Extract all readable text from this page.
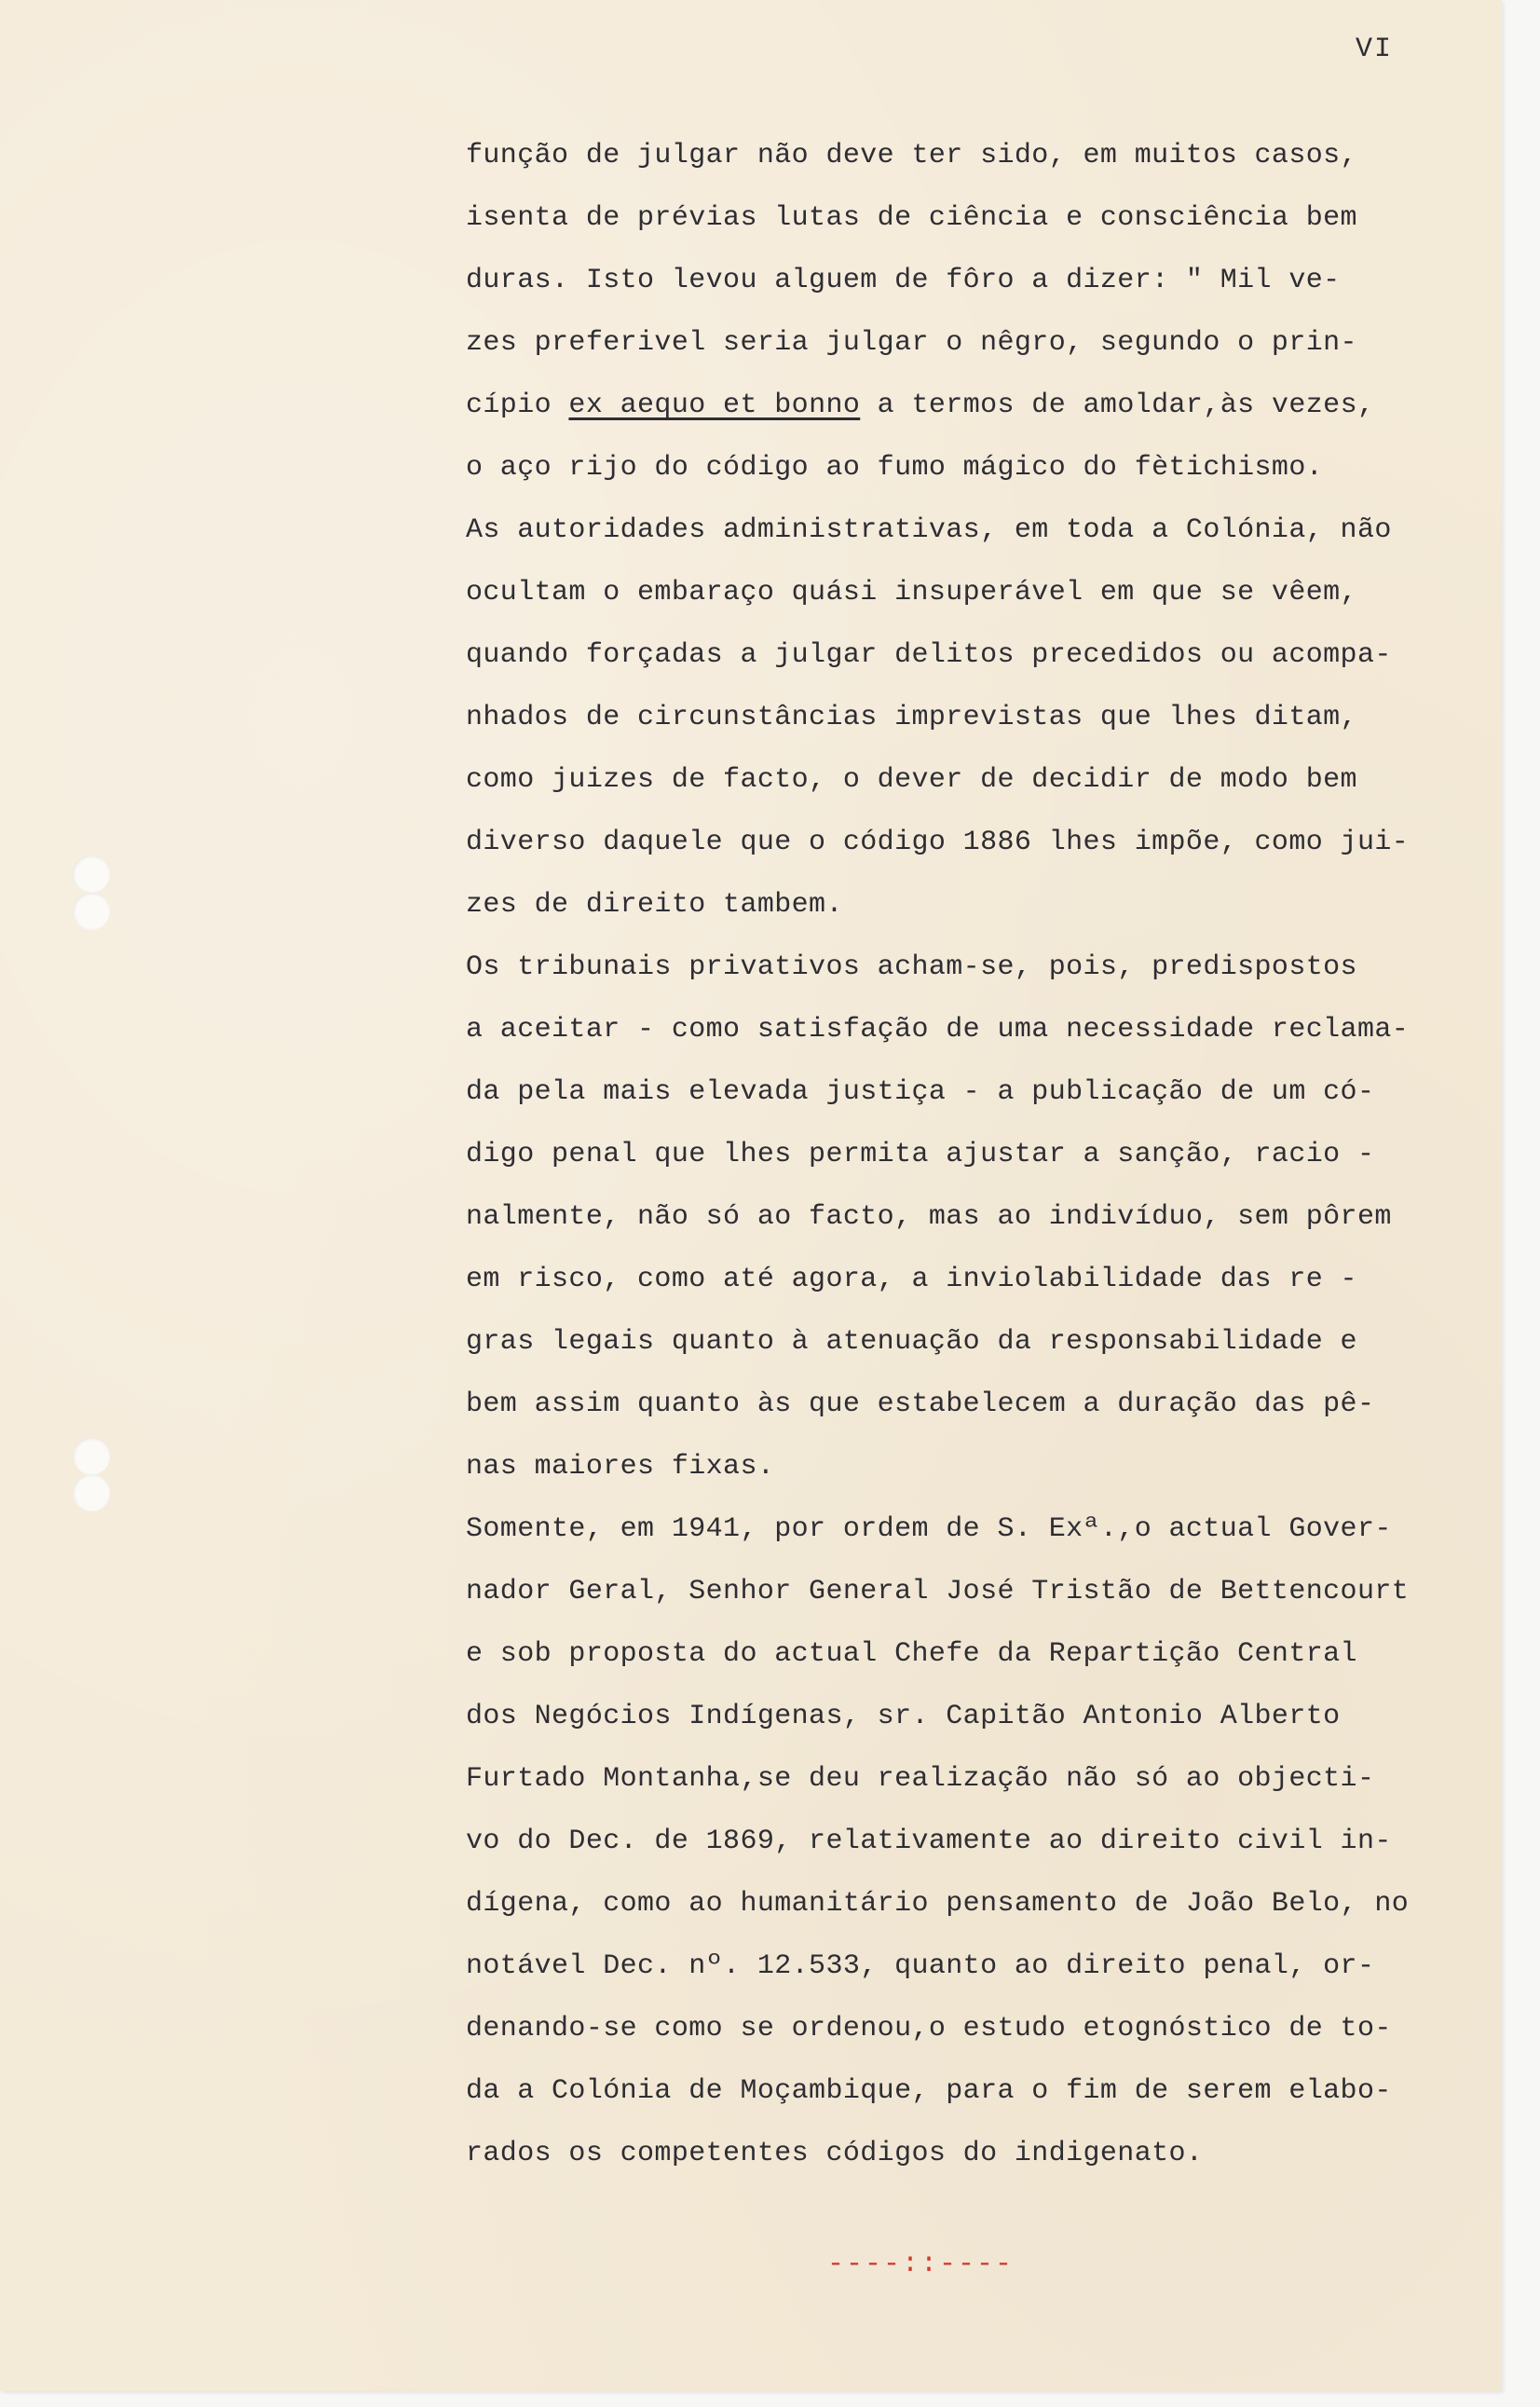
VI
função de julgar não deve ter sido, em muitos casos,
isenta de prévias lutas de ciência e consciência bem
duras. Isto levou alguem de fôro a dizer: " Mil ve-
zes preferivel seria julgar o nêgro, segundo o prin-
cípio ex aequo et bonno a termos de amoldar,às vezes,
o aço rijo do código ao fumo mágico do fètichismo.
As autoridades administrativas, em toda a Colónia, não
ocultam o embaraço quási insuperável em que se vêem,
quando forçadas a julgar delitos precedidos ou acompa-
nhados de circunstâncias imprevistas que lhes ditam,
como juizes de facto, o dever de decidir de modo bem
diverso daquele que o código 1886 lhes impõe, como jui-
zes de direito tambem.
Os tribunais privativos acham-se, pois, predispostos
a aceitar - como satisfação de uma necessidade reclama-
da pela mais elevada justiça - a publicação de um có-
digo penal que lhes permita ajustar a sanção, racio -
nalmente, não só ao facto, mas ao indivíduo, sem pôrem
em risco, como até agora, a inviolabilidade das re -
gras legais quanto à atenuação da responsabilidade e
bem assim quanto às que estabelecem a duração das pê-
nas maiores fixas.
Somente, em 1941, por ordem de S. Exª.,o actual Gover-
nador Geral, Senhor General José Tristão de Bettencourt
e sob proposta do actual Chefe da Repartição Central
dos Negócios Indígenas, sr. Capitão Antonio Alberto
Furtado Montanha,se deu realização não só ao objecti-
vo do Dec. de 1869, relativamente ao direito civil in-
dígena, como ao humanitário pensamento de João Belo, no
notável Dec. nº. 12.533, quanto ao direito penal, or-
denando-se como se ordenou,o estudo etognóstico de to-
da a Colónia de Moçambique, para o fim de serem elabo-
rados os competentes códigos do indigenato.
----::----
